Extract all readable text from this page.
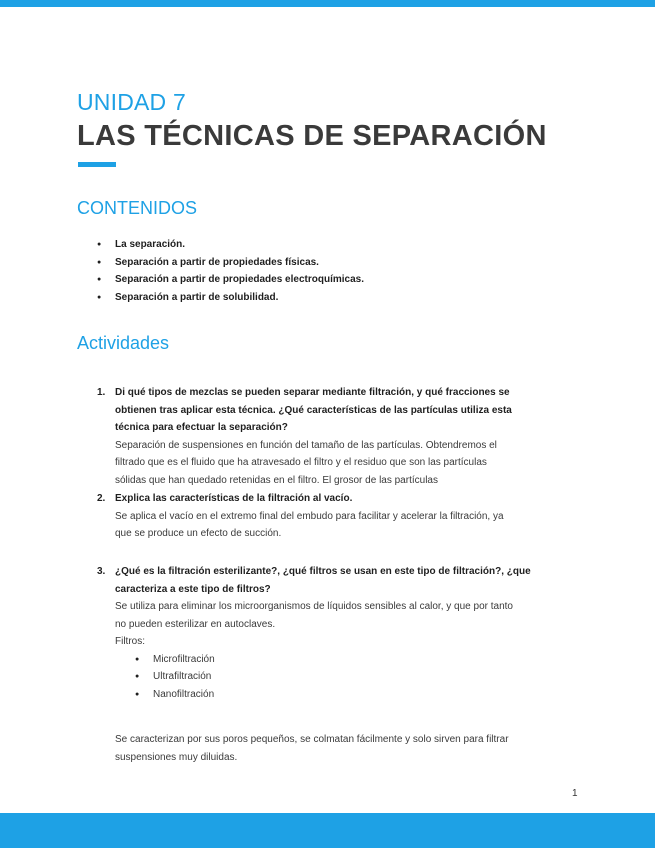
UNIDAD 7
LAS TÉCNICAS DE SEPARACIÓN
CONTENIDOS
● La separación.
● Separación a partir de propiedades físicas.
● Separación a partir de propiedades electroquímicas.
● Separación a partir de solubilidad.
Actividades
1. Di qué tipos de mezclas se pueden separar mediante filtración, y qué fracciones se
obtienen tras aplicar esta técnica. ¿Qué características de las partículas utiliza esta
técnica para efectuar la separación?
Separación de suspensiones en función del tamaño de las partículas. Obtendremos el
filtrado que es el fluido que ha atravesado el filtro y el residuo que son las partículas
sólidas que han quedado retenidas en el filtro. El grosor de las partículas
2. Explica las características de la filtración al vacío.
Se aplica el vacío en el extremo final del embudo para facilitar y acelerar la filtración, ya
que se produce un efecto de succión.
3. ¿Qué es la filtración esterilizante?, ¿qué filtros se usan en este tipo de filtración?, ¿que
caracteriza a este tipo de filtros?
Se utiliza para eliminar los microorganismos de líquidos sensibles al calor, y que por tanto
no pueden esterilizar en autoclaves.
Filtros:
● Microfiltración
● Ultrafiltración
● Nanofiltración
Se caracterizan por sus poros pequeños, se colmatan fácilmente y solo sirven para filtrar
suspensiones muy diluidas.
1
